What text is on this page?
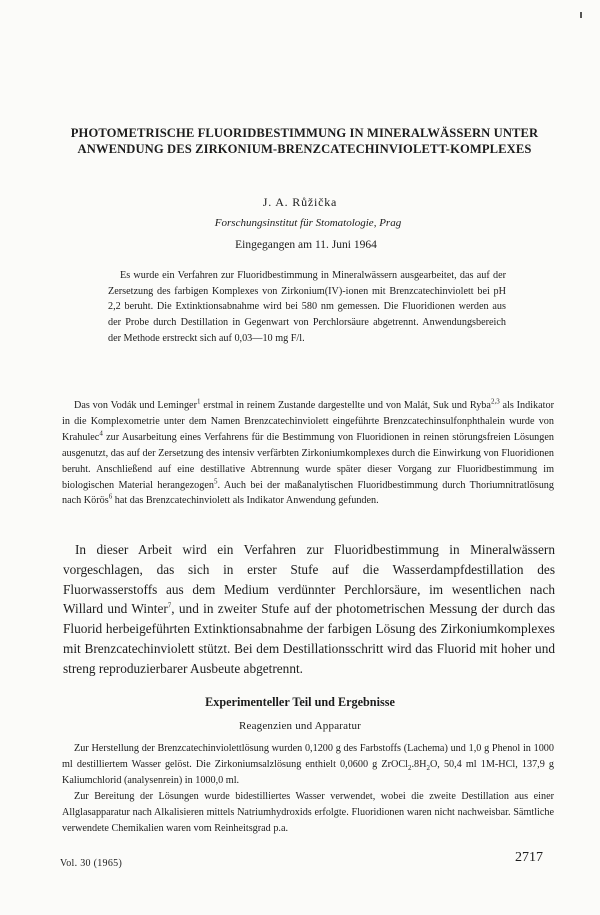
PHOTOMETRISCHE FLUORIDBESTIMMUNG IN MINERALWÄSSERN UNTER ANWENDUNG DES ZIRKONIUM-BRENZCATECHINVIOLETT-KOMPLEXES
J. A. Růžička
Forschungsinstitut für Stomatologie, Prag
Eingegangen am 11. Juni 1964
Es wurde ein Verfahren zur Fluoridbestimmung in Mineralwässern ausgearbeitet, das auf der Zersetzung des farbigen Komplexes von Zirkonium(IV)-ionen mit Brenzcatechinviolett bei pH 2,2 beruht. Die Extinktionsabnahme wird bei 580 nm gemessen. Die Fluoridionen werden aus der Probe durch Destillation in Gegenwart von Perchlorsäure abgetrennt. Anwendungsbereich der Methode erstreckt sich auf 0,03—10 mg F/l.
Das von Vodák und Leminger$^1$ erstmal in reinem Zustande dargestellte und von Malát, Suk und Ryba$^{2,3}$ als Indikator in die Komplexometrie unter dem Namen Brenzcatechinviolett eingeführte Brenzcatechinsulfonphthalein wurde von Krahulec$^4$ zur Ausarbeitung eines Verfahrens für die Bestimmung von Fluoridionen in reinen störungsfreien Lösungen ausgenutzt, das auf der Zersetzung des intensiv verfärbten Zirkoniumkomplexes durch die Einwirkung von Fluoridionen beruht. Anschließend auf eine destillative Abtrennung wurde später dieser Vorgang zur Fluoridbestimmung im biologischen Material herangezogen$^5$. Auch bei der maßanalytischen Fluoridbestimmung durch Thoriumnitratlösung nach Körös$^6$ hat das Brenzcatechinviolett als Indikator Anwendung gefunden.
In dieser Arbeit wird ein Verfahren zur Fluoridbestimmung in Mineralwässern vorgeschlagen, das sich in erster Stufe auf die Wasserdampfdestillation des Fluorwasserstoffs aus dem Medium verdünnter Perchlorsäure, im wesentlichen nach Willard und Winter$^7$, und in zweiter Stufe auf der photometrischen Messung der durch das Fluorid herbeigeführten Extinktionsabnahme der farbigen Lösung des Zirkoniumkomplexes mit Brenzcatechinviolett stützt. Bei dem Destillationsschritt wird das Fluorid mit hoher und streng reproduzierbarer Ausbeute abgetrennt.
Experimenteller Teil und Ergebnisse
Reagenzien und Apparatur
Zur Herstellung der Brenzcatechinviolettlösung wurden 0,1200 g des Farbstoffs (Lachema) und 1,0 g Phenol in 1000 ml destilliertem Wasser gelöst. Die Zirkoniumsalzlösung enthielt 0,0600 g $ZrOCl_2.8H_2O$, 50,4 ml 1M-HCl, 137,9 g Kaliumchlorid (analysenrein) in 1000,0 ml.
Zur Bereitung der Lösungen wurde bidestilliertes Wasser verwendet, wobei die zweite Destillation aus einer Allglasapparatur nach Alkalisieren mittels Natriumhydroxids erfolgte. Fluoridionen waren nicht nachweisbar. Sämtliche verwendete Chemikalien waren vom Reinheitsgrad p.a.
Vol. 30 (1965)	2717
